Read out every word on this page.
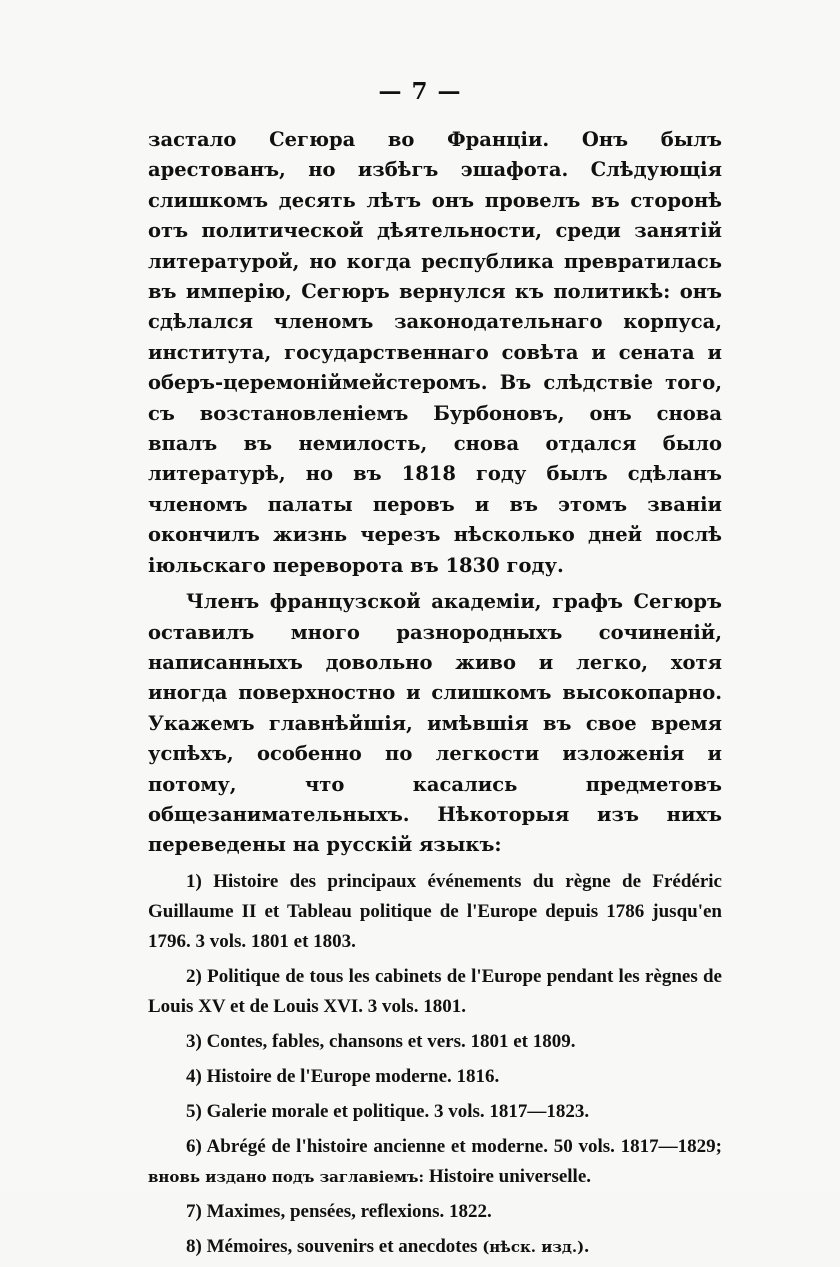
— 7 —

застало Сегюра во Франціи. Онъ былъ арестованъ, но избѣгъ эшафота. Слѣдующія слишкомъ десять лѣтъ онъ провелъ въ сторонѣ отъ политической дѣятельности, среди занятій литературой, но когда республика превратилась въ имперію, Сегюръ вернулся къ политикѣ: онъ сдѣлался членомъ законодательнаго корпуса, института, государственнаго совѣта и сената и оберъ-церемоніймейстеромъ. Въ слѣдствіе того, съ возстановленіемъ Бурбоновъ, онъ снова впалъ въ немилость, снова отдался было литературѣ, но въ 1818 году былъ сдѣланъ членомъ палаты перовъ и въ этомъ званіи окончилъ жизнь черезъ нѣсколько дней послѣ іюльскаго переворота въ 1830 году.

Членъ французской академіи, графъ Сегюръ оставилъ много разнородныхъ сочиненій, написанныхъ довольно живо и легко, хотя иногда поверхностно и слишкомъ высокопарно. Укажемъ главнѣйшія, имѣвшія въ свое время успѣхъ, особенно по легкости изложенія и потому, что касались предметовъ общезанимательныхъ. Нѣкоторыя изъ нихъ переведены на русскій языкъ:

1) Histoire des principaux événements du règne de Frédéric Guillaume II et Tableau politique de l'Europe depuis 1786 jusqu'en 1796. 3 vols. 1801 et 1803.

2) Politique de tous les cabinets de l'Europe pendant les règnes de Louis XV et de Louis XVI. 3 vols. 1801.

3) Contes, fables, chansons et vers. 1801 et 1809.

4) Histoire de l'Europe moderne. 1816.

5) Galerie morale et politique. 3 vols. 1817—1823.

6) Abrégé de l'histoire ancienne et moderne. 50 vols. 1817—1829; вновь издано подъ заглавіемъ: Histoire universelle.

7) Maximes, pensées, reflexions. 1822.

8) Mémoires, souvenirs et anecdotes (нѣск. изд.).
